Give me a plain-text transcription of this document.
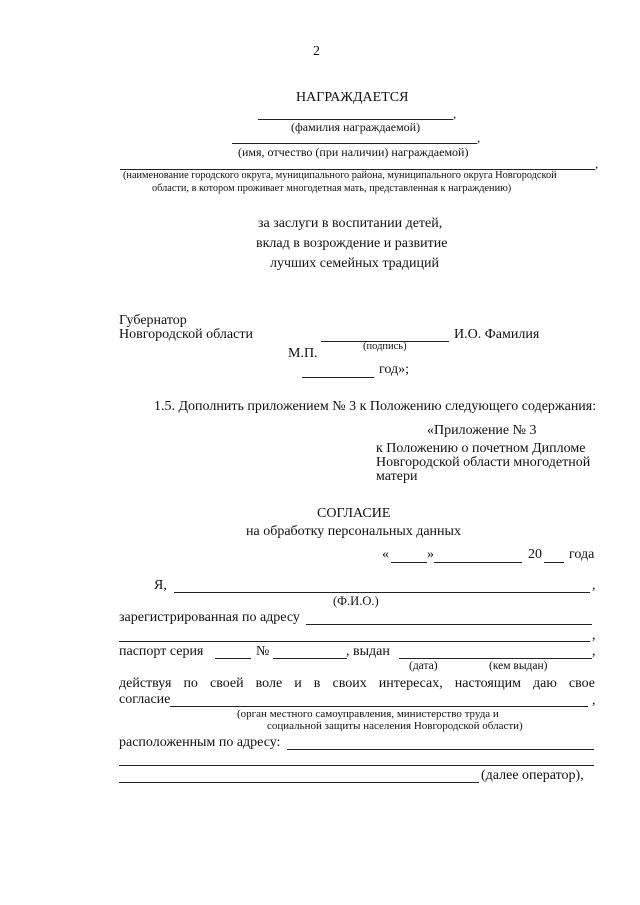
2
НАГРАЖДАЕТСЯ
,
(фамилия награждаемой)
,
(имя, отчество (при наличии) награждаемой)
,
(наименование городского округа, муниципального района, муниципального округа Новгородской
области, в котором проживает многодетная мать, представленная к награждению)
за заслуги в воспитании детей,
вклад в возрождение и развитие
лучших семейных традиций
Губернатор
Новгородской области	И.О. Фамилия
М.П.	(подпись)
год»;
1.5. Дополнить приложением № 3 к Положению следующего содержания:
«Приложение № 3
к Положению о почетном Дипломе
Новгородской области многодетной
матери
СОГЛАСИЕ
на обработку персональных данных
«	»	20 года
Я,	,
(Ф.И.О.)
зарегистрированная по адресу
,
паспорт серия	№	, выдан	,
(дата)	(кем выдан)
действуя по своей воле и в своих интересах, настоящим даю свое
согласие	,
(орган местного самоуправления, министерство труда и
социальной защиты населения Новгородской области)
расположенным по адресу:
(далее оператор),
